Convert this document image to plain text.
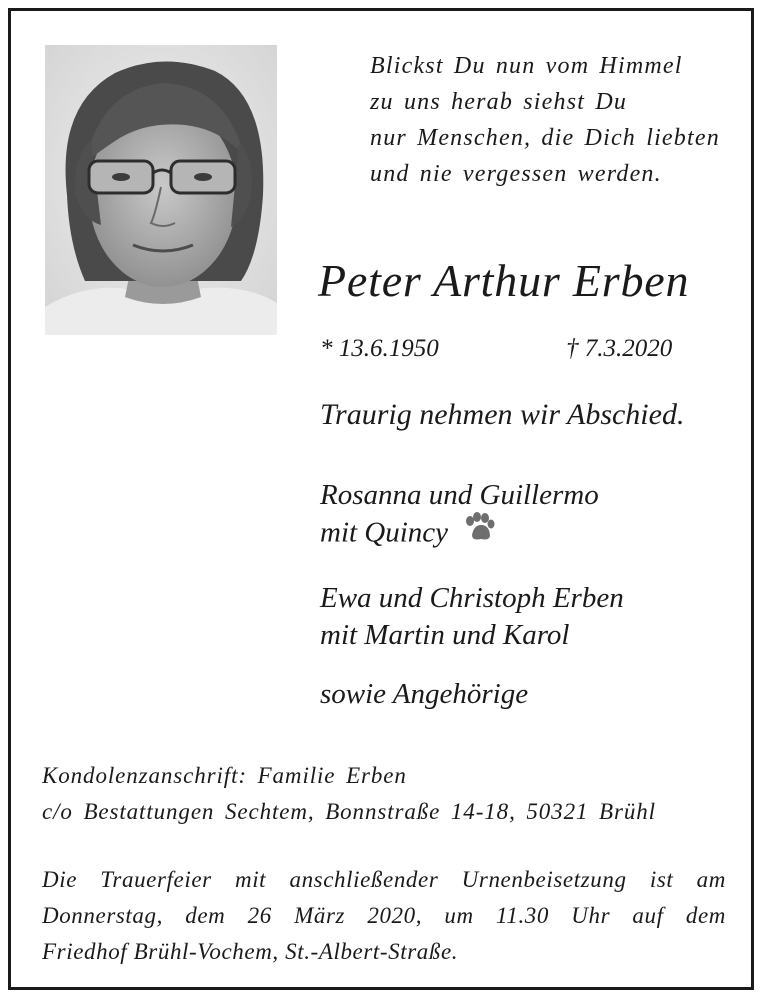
Blickst Du nun vom Himmel
zu uns herab siehst Du
nur Menschen, die Dich liebten
und nie vergessen werden.
Peter Arthur Erben
* 13.6.1950	† 7.3.2020
Traurig nehmen wir Abschied.
Rosanna und Guillermo
mit Quincy
Ewa und Christoph Erben
mit Martin und Karol
sowie Angehörige
Kondolenzanschrift: Familie Erben
c/o Bestattungen Sechtem, Bonnstraße 14-18, 50321 Brühl
Die Trauerfeier mit anschließender Urnenbeisetzung ist am
Donnerstag, dem 26 März 2020, um 11.30 Uhr auf dem
Friedhof Brühl-Vochem, St.-Albert-Straße.
